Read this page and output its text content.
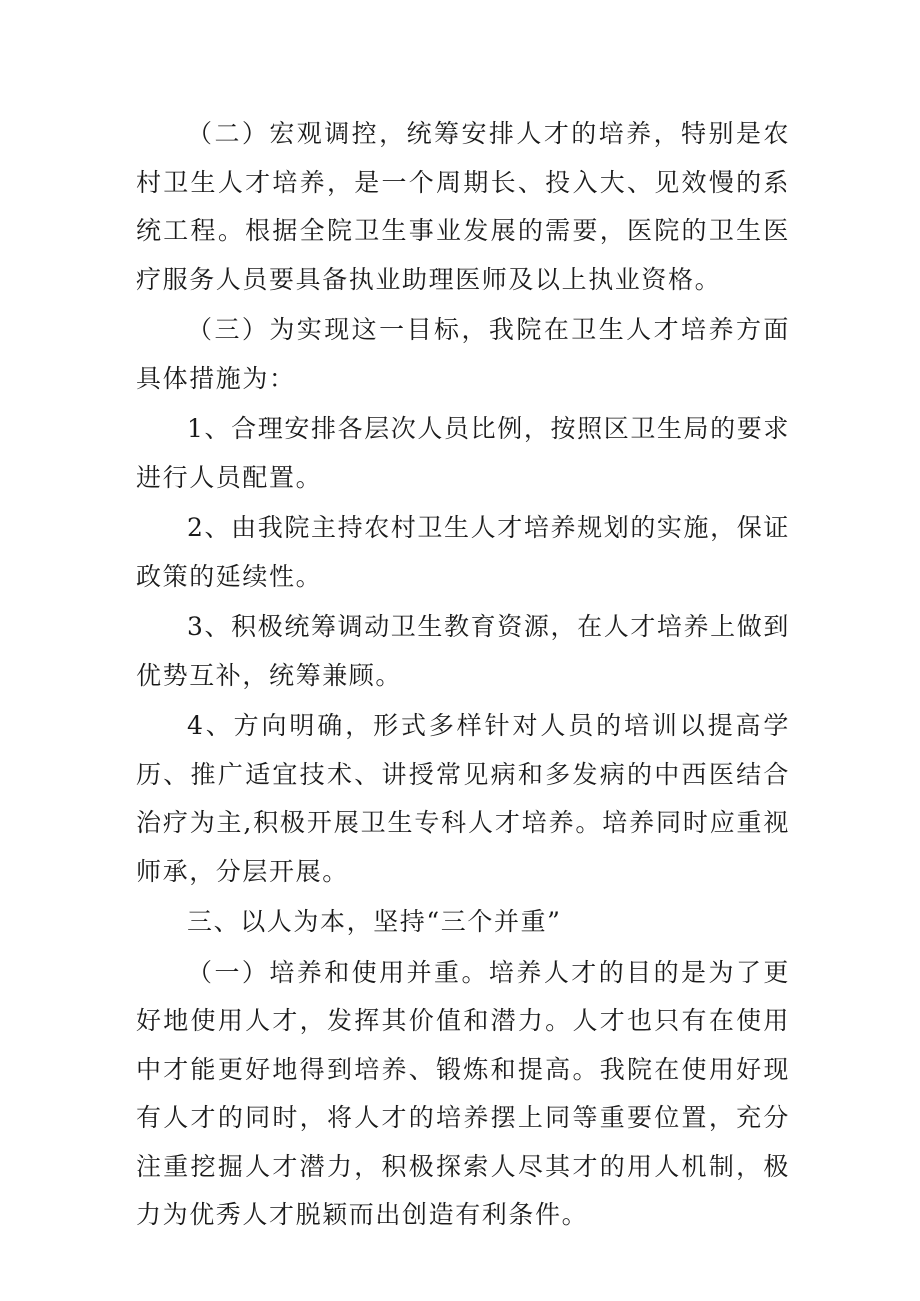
（二）宏观调控，统筹安排人才的培养，特别是农村卫生人才培养，是一个周期长、投入大、见效慢的系统工程。根据全院卫生事业发展的需要，医院的卫生医疗服务人员要具备执业助理医师及以上执业资格。

（三）为实现这一目标，我院在卫生人才培养方面具体措施为：

1、合理安排各层次人员比例，按照区卫生局的要求进行人员配置。

2、由我院主持农村卫生人才培养规划的实施，保证政策的延续性。

3、积极统筹调动卫生教育资源，在人才培养上做到优势互补，统筹兼顾。

4、方向明确，形式多样针对人员的培训以提高学历、推广适宜技术、讲授常见病和多发病的中西医结合治疗为主,积极开展卫生专科人才培养。培养同时应重视师承，分层开展。

三、以人为本，坚持“三个并重”

（一）培养和使用并重。培养人才的目的是为了更好地使用人才，发挥其价值和潜力。人才也只有在使用中才能更好地得到培养、锻炼和提高。我院在使用好现有人才的同时，将人才的培养摆上同等重要位置，充分注重挖掘人才潜力，积极探索人尽其才的用人机制，极力为优秀人才脱颖而出创造有利条件。
